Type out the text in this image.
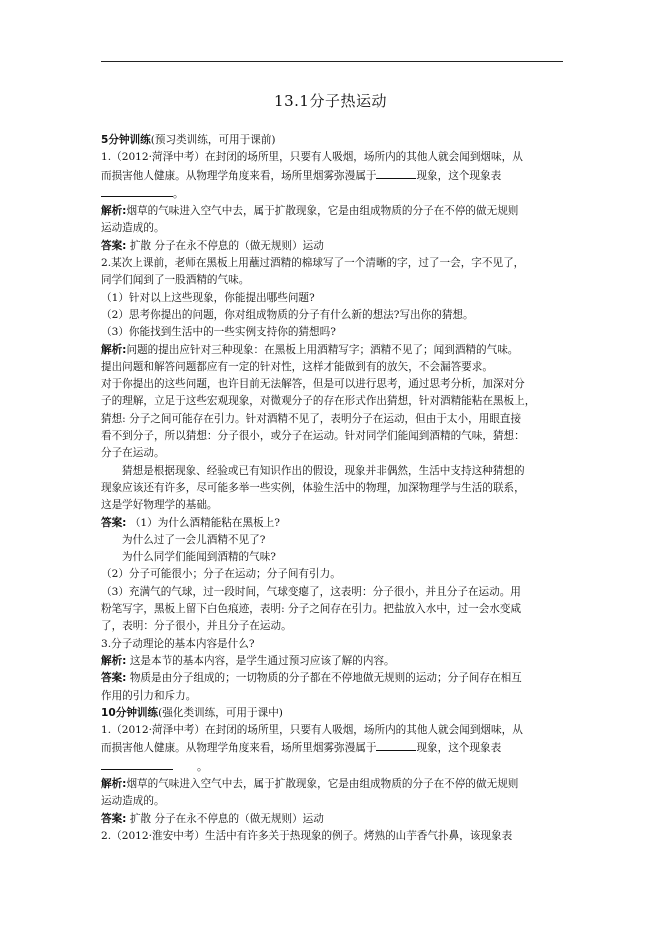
13.1分子热运动

5分钟训练(预习类训练，可用于课前)

1.（2012·菏泽中考）在封闭的场所里，只要有人吸烟，场所内的其他人就会闻到烟味，从

而损害他人健康。从物理学角度来看，场所里烟雾弥漫属于	现象，这个现象表

。

解析:烟草的气味进入空气中去，属于扩散现象，它是由组成物质的分子在不停的做无规则

运动造成的。

答案: 扩散 分子在永不停息的（做无规则）运动

2.某次上课前，老师在黑板上用蘸过酒精的棉球写了一个清晰的字，过了一会，字不见了，

同学们闻到了一股酒精的气味。

（1）针对以上这些现象，你能提出哪些问题?

（2）思考你提出的问题，你对组成物质的分子有什么新的想法?写出你的猜想。

（3）你能找到生活中的一些实例支持你的猜想吗?

解析:问题的提出应针对三种现象：在黑板上用酒精写字；酒精不见了；闻到酒精的气味。

提出问题和解答问题都应有一定的针对性，这样才能做到有的放矢，不会漏答要求。

对于你提出的这些问题，也许目前无法解答，但是可以进行思考，通过思考分析，加深对分

子的理解，立足于这些宏观现象，对微观分子的存在形式作出猜想，针对酒精能粘在黑板上，

猜想: 分子之间可能存在引力。针对酒精不见了，表明分子在运动，但由于太小，用眼直接

看不到分子，所以猜想：分子很小，或分子在运动。针对同学们能闻到酒精的气味，猜想：

分子在运动。

猜想是根据现象、经验或已有知识作出的假设，现象并非偶然，生活中支持这种猜想的

现象应该还有许多，尽可能多举一些实例，体验生活中的物理，加深物理学与生活的联系，

这是学好物理学的基础。

答案: （1）为什么酒精能粘在黑板上?

为什么过了一会儿酒精不见了?

为什么同学们能闻到酒精的气味?

（2）分子可能很小；分子在运动；分子间有引力。

（3）充满气的气球，过一段时间，气球变瘪了，这表明：分子很小，并且分子在运动。用

粉笔写字，黑板上留下白色痕迹，表明: 分子之间存在引力。把盐放入水中，过一会水变咸

了，表明：分子很小，并且分子在运动。

3.分子动理论的基本内容是什么?

解析: 这是本节的基本内容，是学生通过预习应该了解的内容。

答案: 物质是由分子组成的；一切物质的分子都在不停地做无规则的运动；分子间存在相互

作用的引力和斥力。

10分钟训练(强化类训练，可用于课中)

1.（2012·菏泽中考）在封闭的场所里，只要有人吸烟，场所内的其他人就会闻到烟味，从

而损害他人健康。从物理学角度来看，场所里烟雾弥漫属于	现象，这个现象表

。

解析:烟草的气味进入空气中去，属于扩散现象，它是由组成物质的分子在不停的做无规则

运动造成的。

答案: 扩散 分子在永不停息的（做无规则）运动

2.（2012·淮安中考）生活中有许多关于热现象的例子。烤熟的山芋香气扑鼻，该现象表
